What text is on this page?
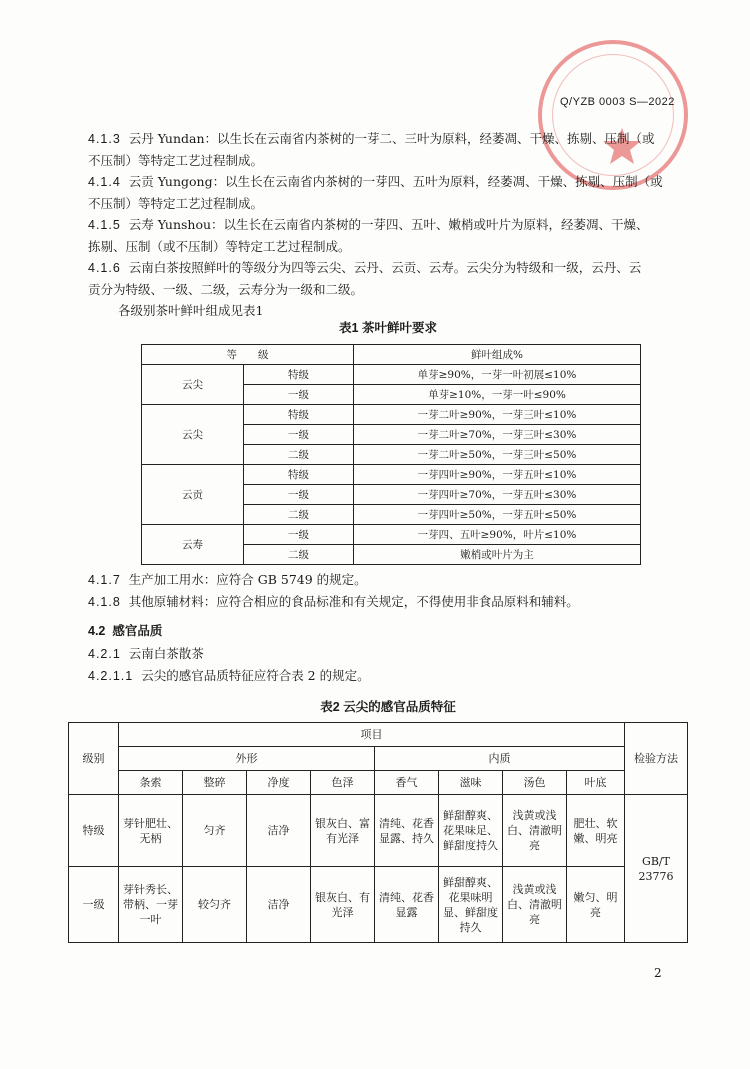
Q/YZB 0003 S—2022

4.1.3 云丹 Yundan：以生长在云南省内茶树的一芽二、三叶为原料，经萎凋、干燥、拣剔、压制（或

不压制）等特定工艺过程制成。

4.1.4 云贡 Yungong：以生长在云南省内茶树的一芽四、五叶为原料，经萎凋、干燥、拣剔、压制（或

不压制）等特定工艺过程制成。

4.1.5 云寿 Yunshou：以生长在云南省内茶树的一芽四、五叶、嫩梢或叶片为原料，经萎凋、干燥、

拣剔、压制（或不压制）等特定工艺过程制成。

4.1.6 云南白茶按照鲜叶的等级分为四等云尖、云丹、云贡、云寿。云尖分为特级和一级，云丹、云

贡分为特级、一级、二级，云寿分为一级和二级。

各级别茶叶鲜叶组成见表1

表1 茶叶鲜叶要求
等　　级		鲜叶组成%
云尖	特级	单芽≥90%，一芽一叶初展≤10%
	一级	单芽≥10%，一芽一叶≤90%
云尖	特级	一芽二叶≥90%，一芽三叶≤10%
	一级	一芽二叶≥70%，一芽三叶≤30%
	二级	一芽二叶≥50%，一芽三叶≤50%
云贡	特级	一芽四叶≥90%，一芽五叶≤10%
	一级	一芽四叶≥70%，一芽五叶≤30%
	二级	一芽四叶≥50%，一芽五叶≤50%
云寿	一级	一芽四、五叶≥90%，叶片≤10%
	二级	嫩梢或叶片为主

4.1.7 生产加工用水：应符合 GB 5749 的规定。

4.1.8 其他原辅材料：应符合相应的食品标准和有关规定，不得使用非食品原料和辅料。

4.2 感官品质

4.2.1 云南白茶散茶

4.2.1.1 云尖的感官品质特征应符合表 2 的规定。

表2 云尖的感官品质特征
级别	项目								检验方法
	外形				内质				
	条索	整碎	净度	色泽	香气	滋味	汤色	叶底	
特级	芽针肥壮、无柄	匀齐	洁净	银灰白、富有光泽	清纯、花香显露、持久	鲜甜醇爽、花果味足、鲜甜度持久	浅黄或浅白、清澈明亮	肥壮、软嫩、明亮	GB/T 23776
一级	芽针秀长、带柄、一芽一叶	较匀齐	洁净	银灰白、有光泽	清纯、花香显露	鲜甜醇爽、花果味明显、鲜甜度持久	浅黄或浅白、清澈明亮	嫩匀、明亮	
2
